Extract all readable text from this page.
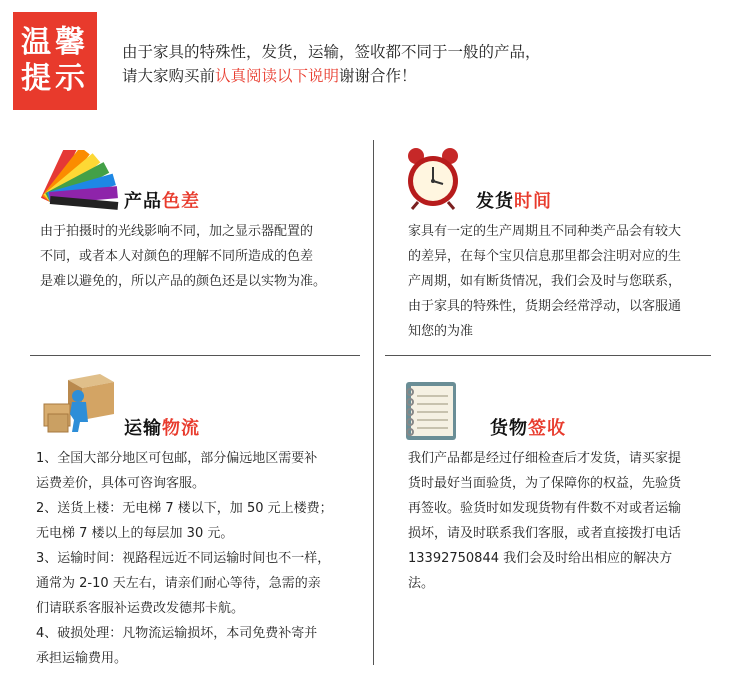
温馨
提示
由于家具的特殊性，发货，运输，签收都不同于一般的产品，
请大家购买前认真阅读以下说明谢谢合作！
产品色差

由于拍摄时的光线影响不同，加之显示器配置的

不同，或者本人对颜色的理解不同所造成的色差

是难以避免的，所以产品的颜色还是以实物为准。

发货时间

家具有一定的生产周期且不同种类产品会有较大

的差异，在每个宝贝信息那里都会注明对应的生

产周期，如有断货情况，我们会及时与您联系，

由于家具的特殊性，货期会经常浮动，以客服通

知您的为准

运输物流

1、全国大部分地区可包邮，部分偏远地区需要补

运费差价，具体可咨询客服。

2、送货上楼：无电梯 7 楼以下，加 50 元上楼费；

无电梯 7 楼以上的每层加 30 元。

3、运输时间：视路程远近不同运输时间也不一样，

通常为 2-10 天左右，请亲们耐心等待，急需的亲

们请联系客服补运费改发德邦卡航。

4、破损处理：凡物流运输损坏，本司免费补寄并

承担运输费用。

货物签收

我们产品都是经过仔细检查后才发货，请买家提

货时最好当面验货，为了保障你的权益，先验货

再签收。验货时如发现货物有件数不对或者运输

损坏，请及时联系我们客服，或者直接拨打电话

13392750844 我们会及时给出相应的解决方

法。
